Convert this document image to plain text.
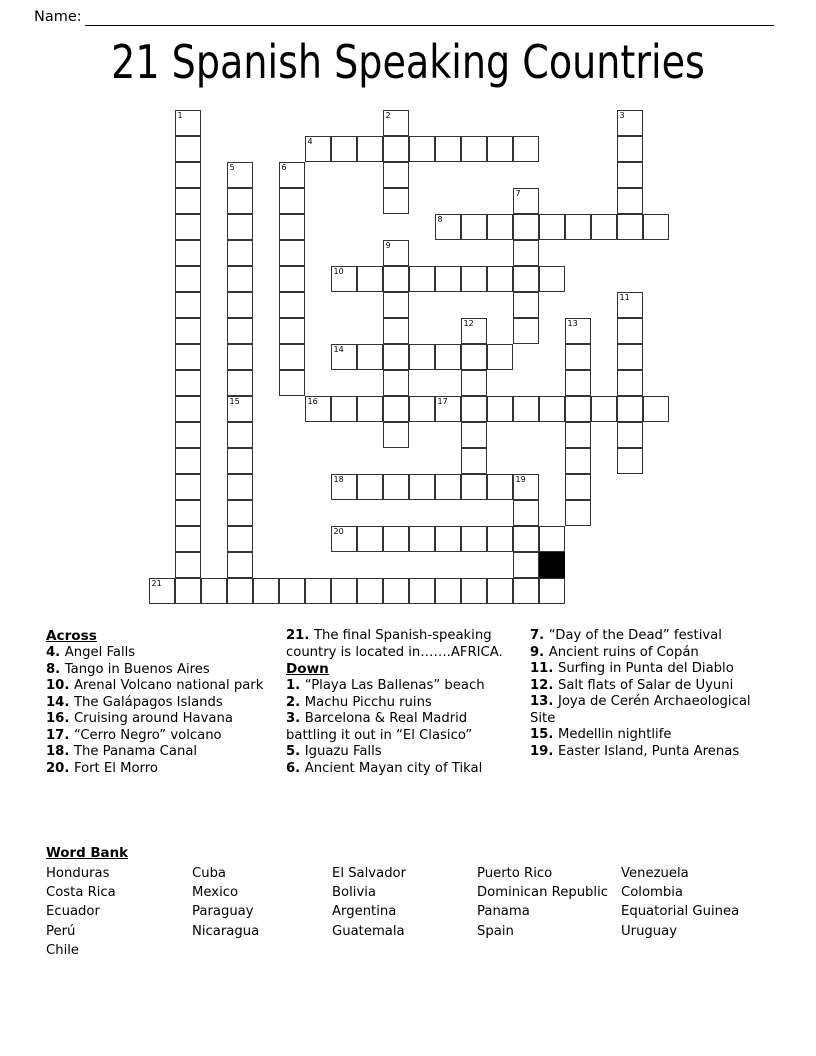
Name:
21 Spanish Speaking Countries
1	2	3
4
5	6
7
8
9
10
11
12	13
14
15	16	17
18	19
20
21
Across
4. Angel Falls
8. Tango in Buenos Aires
10. Arenal Volcano national park
14. The Galápagos Islands
16. Cruising around Havana
17. “Cerro Negro” volcano
18. The Panama Canal
20. Fort El Morro
21. The final Spanish-speaking country is located in…….AFRICA.
Down
1. “Playa Las Ballenas” beach
2. Machu Picchu ruins
3. Barcelona & Real Madrid battling it out in “El Clasico”
5. Iguazu Falls
6. Ancient Mayan city of Tikal
7. “Day of the Dead” festival
9. Ancient ruins of Copán
11. Surfing in Punta del Diablo
12. Salt flats of Salar de Uyuni
13. Joya de Cerén Archaeological Site
15. Medellin nightlife
19. Easter Island, Punta Arenas
Word Bank
Honduras
Costa Rica
Ecuador
Perú
Chile
Cuba
Mexico
Paraguay
Nicaragua
El Salvador
Bolivia
Argentina
Guatemala
Puerto Rico
Dominican Republic
Panama
Spain
Venezuela
Colombia
Equatorial Guinea
Uruguay
